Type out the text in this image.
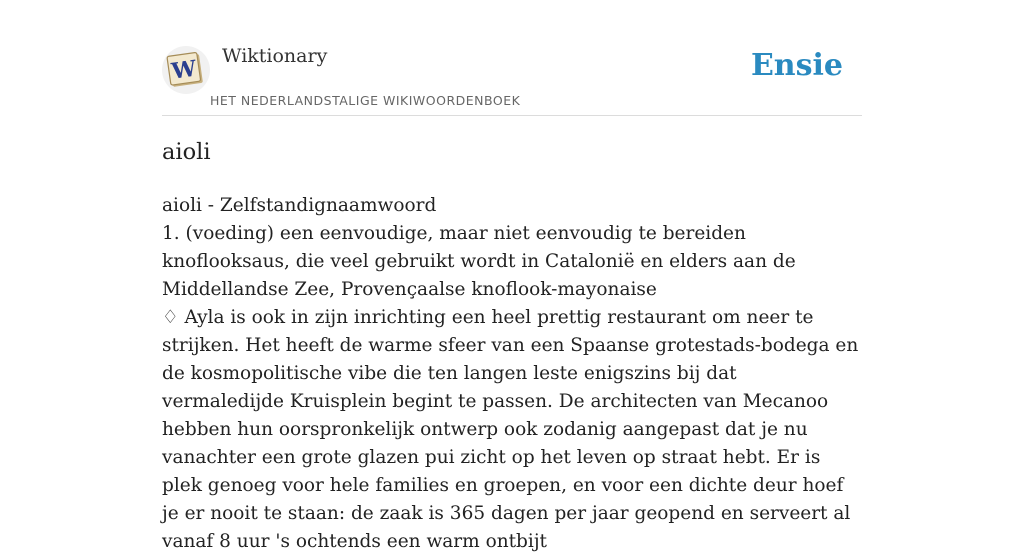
W Wiktionary
HET NEDERLANDSTALIGE WIKIWOORDENBOEK
Ensie
aioli

aioli - Zelfstandignaamwoord

1. (voeding) een eenvoudige, maar niet eenvoudig te bereiden knoflooksaus, die veel gebruikt wordt in Catalonië en elders aan de Middellandse Zee, Provençaalse knoflook-mayonaise

♢ Ayla is ook in zijn inrichting een heel prettig restaurant om neer te strijken. Het heeft de warme sfeer van een Spaanse grotestads-bodega en de kosmopolitische vibe die ten langen leste enigszins bij dat vermaledijde Kruisplein begint te passen. De architecten van Mecanoo hebben hun oorspronkelijk ontwerp ook zodanig aangepast dat je nu vanachter een grote glazen pui zicht op het leven op straat hebt. Er is plek genoeg voor hele families en groepen, en voor een dichte deur hoef je er nooit te staan: de zaak is 365 dagen per jaar geopend en serveert al vanaf 8 uur 's ochtends een warm ontbijt
